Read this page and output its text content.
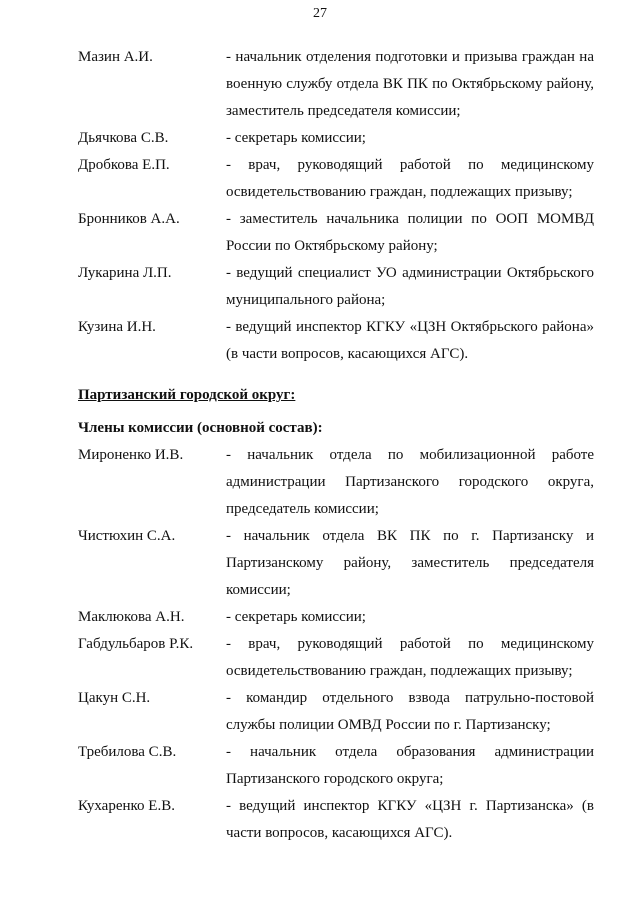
27
Мазин А.И.	- начальник отделения подготовки и призыва граждан на военную службу отдела ВК ПК по Октябрьскому району, заместитель председателя комиссии;
Дьячкова С.В.	- секретарь комиссии;
Дробкова Е.П.	- врач, руководящий работой по медицинскому освидетельствованию граждан, подлежащих призыву;
Бронников А.А.	- заместитель начальника полиции по ООП МОМВД России по Октябрьскому району;
Лукарина Л.П.	- ведущий специалист УО администрации Октябрьского муниципального района;
Кузина И.Н.	- ведущий инспектор КГКУ «ЦЗН Октябрьского района» (в части вопросов, касающихся АГС).
Партизанский городской округ:
Члены комиссии (основной состав):
Мироненко И.В.	- начальник отдела по мобилизационной работе администрации Партизанского городского округа, председатель комиссии;
Чистюхин С.А.	- начальник отдела ВК ПК по г. Партизанску и Партизанскому району, заместитель председателя комиссии;
Маклюкова А.Н.	- секретарь комиссии;
Габдульбаров Р.К.	- врач, руководящий работой по медицинскому освидетельствованию граждан, подлежащих призыву;
Цакун С.Н.	- командир отдельного взвода патрульно-постовой службы полиции ОМВД России по г. Партизанску;
Требилова С.В.	- начальник отдела образования администрации Партизанского городского округа;
Кухаренко Е.В.	- ведущий инспектор КГКУ «ЦЗН г. Партизанска» (в части вопросов, касающихся АГС).
